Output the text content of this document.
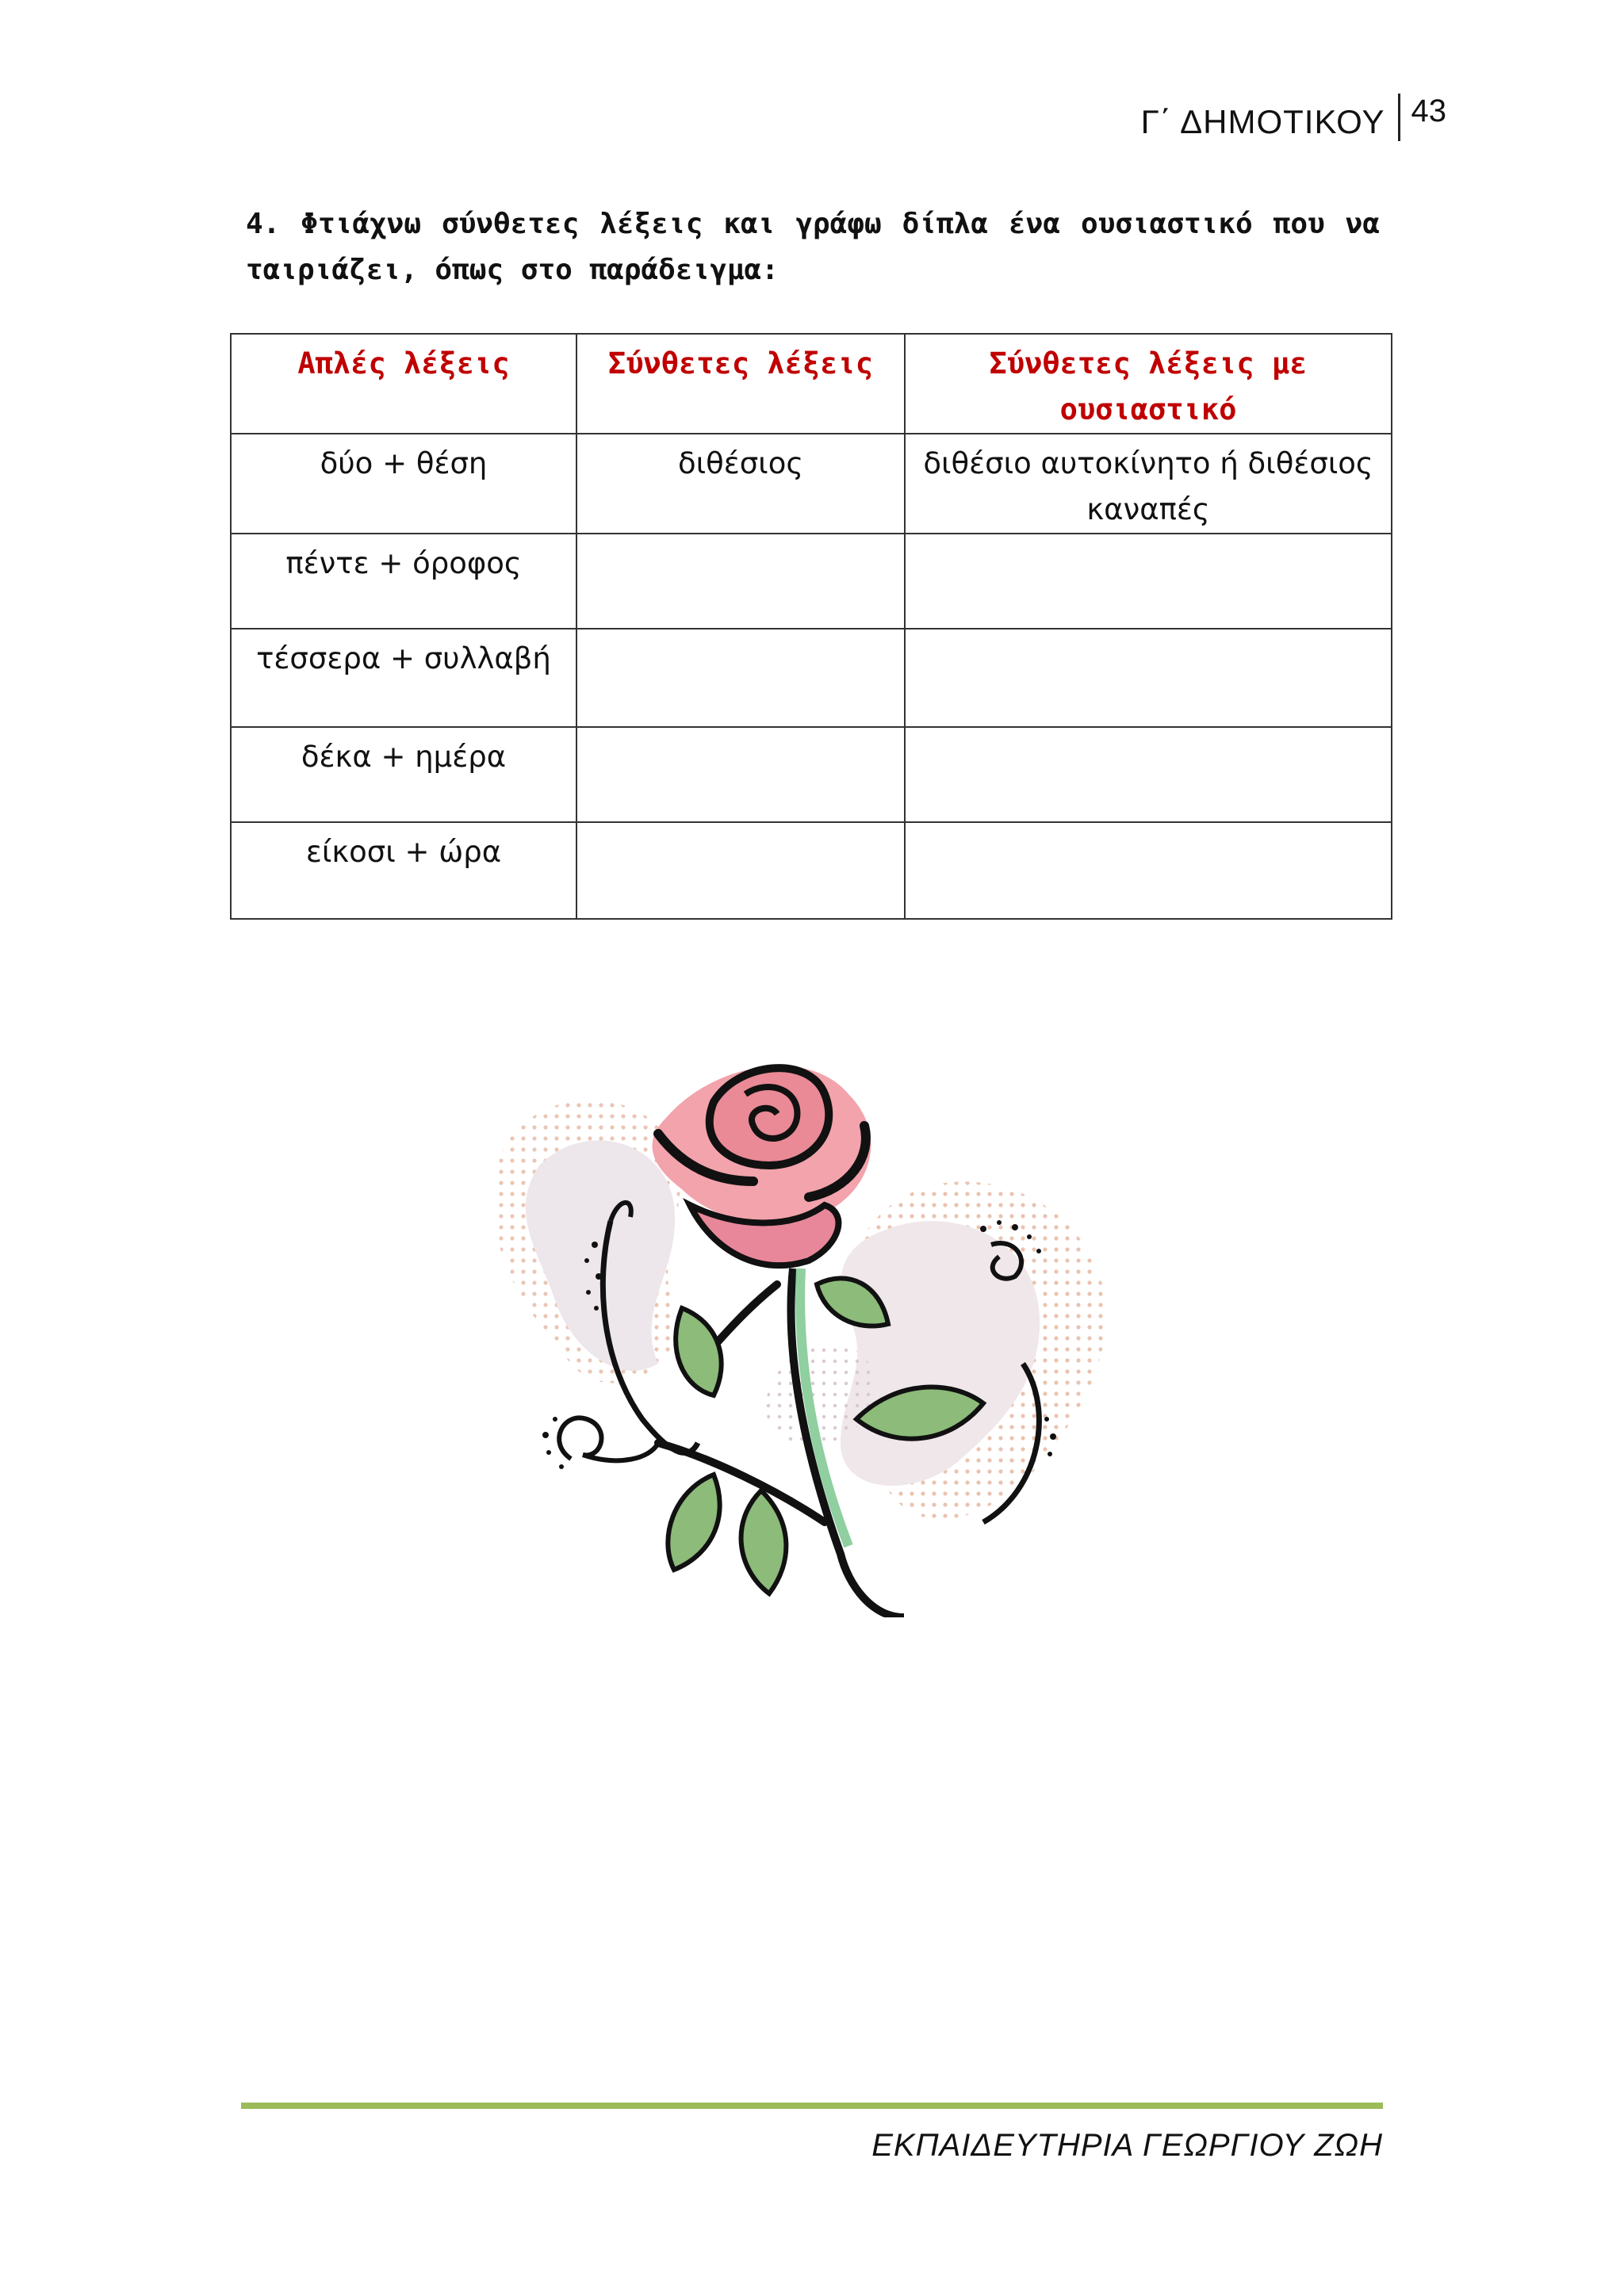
Γ΄ ΔΗΜΟΤΙΚΟΥ 43
4. Φτιάχνω σύνθετες λέξεις και γράφω δίπλα ένα ουσιαστικό που να ταιριάζει, όπως στο παράδειγμα:
Απλές λέξεις	Σύνθετες λέξεις	Σύνθετες λέξεις με ουσιαστικό
δύο + θέση	διθέσιος	διθέσιο αυτοκίνητο ή διθέσιος καναπές
πέντε + όροφος		
τέσσερα + συλλαβή		
δέκα + ημέρα		
είκοσι + ώρα		
ΕΚΠΑΙΔΕΥΤΗΡΙΑ ΓΕΩΡΓΙΟΥ ΖΩΗ
